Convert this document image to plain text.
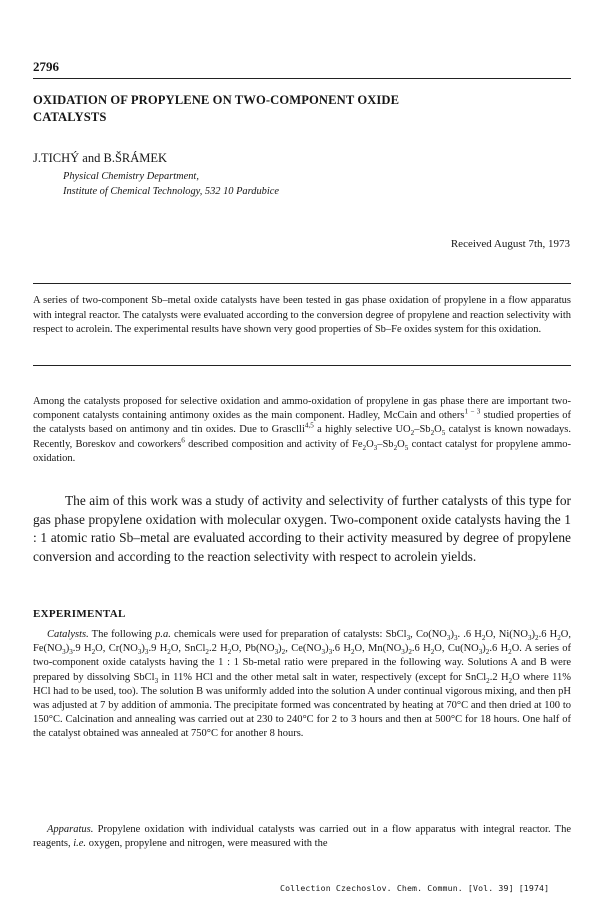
2796
OXIDATION OF PROPYLENE ON TWO-COMPONENT OXIDE CATALYSTS
J.TICHÝ and B.ŠRÁMEK
Physical Chemistry Department,
Institute of Chemical Technology, 532 10 Pardubice
Received August 7th, 1973
A series of two-component Sb–metal oxide catalysts have been tested in gas phase oxidation of propylene in a flow apparatus with integral reactor. The catalysts were evaluated according to the conversion degree of propylene and reaction selectivity with respect to acrolein. The experimental results have shown very good properties of Sb–Fe oxides system for this oxidation.
Among the catalysts proposed for selective oxidation and ammo-oxidation of propylene in gas phase there are important two-component catalysts containing antimony oxides as the main component. Hadley, McCain and others$^{1 - 3}$ studied properties of the catalysts based on antimony and tin oxides. Due to Grasclli$^{4,5}$ a highly selective $UO_2-Sb_2O_5$ catalyst is known nowadays. Recently, Boreskov and coworkers$^6$ described composition and activity of $Fe_2O_3-Sb_2O_5$ contact catalyst for propylene ammo-oxidation.
The aim of this work was a study of activity and selectivity of further catalysts of this type for gas phase propylene oxidation with molecular oxygen. Two-component oxide catalysts having the 1 : 1 atomic ratio Sb–metal are evaluated according to their activity measured by degree of propylene conversion and according to the reaction selectivity with respect to acrolein yields.
EXPERIMENTAL
Catalysts. The following p.a. chemicals were used for preparation of catalysts: SbCl$_3$, $Co(NO_3)_3$. .6 $H_2O$, $Ni(NO_3)_2.6$ $H_2O$, $Fe(NO_3)_3.9$ $H_2O$, $Cr(NO_3)_3.9$ $H_2O$, SnCl$_2$.2 $H_2O$, $Pb(NO_3)_2$, $Ce(NO_3)_3.6$ $H_2O$, $Mn(NO_3)_2.6$ $H_2O$, $Cu(NO_3)_2.6$ $H_2O$. A series of two-component oxide catalysts having the 1 : 1 Sb-metal ratio were prepared in the following way. Solutions A and B were prepared by dissolving SbCl$_3$ in 11% HCl and the other metal salt in water, respectively (except for SnCl$_2$.2 $H_2O$ where 11% HCl had to be used, too). The solution B was uniformly added into the solution A under continual vigorous mixing, and then pH was adjusted at 7 by addition of ammonia. The precipitate formed was concentrated by heating at 70°C and then dried at 100 to 150°C. Calcination and annealing was carried out at 230 to 240°C for 2 to 3 hours and then at 500°C for 18 hours. One half of the catalyst obtained was annealed at 750°C for another 8 hours.
Apparatus. Propylene oxidation with individual catalysts was carried out in a flow apparatus with integral reactor. The reagents, i.e. oxygen, propylene and nitrogen, were measured with the
Collection Czechoslov. Chem. Commun. [Vol. 39] [1974]
